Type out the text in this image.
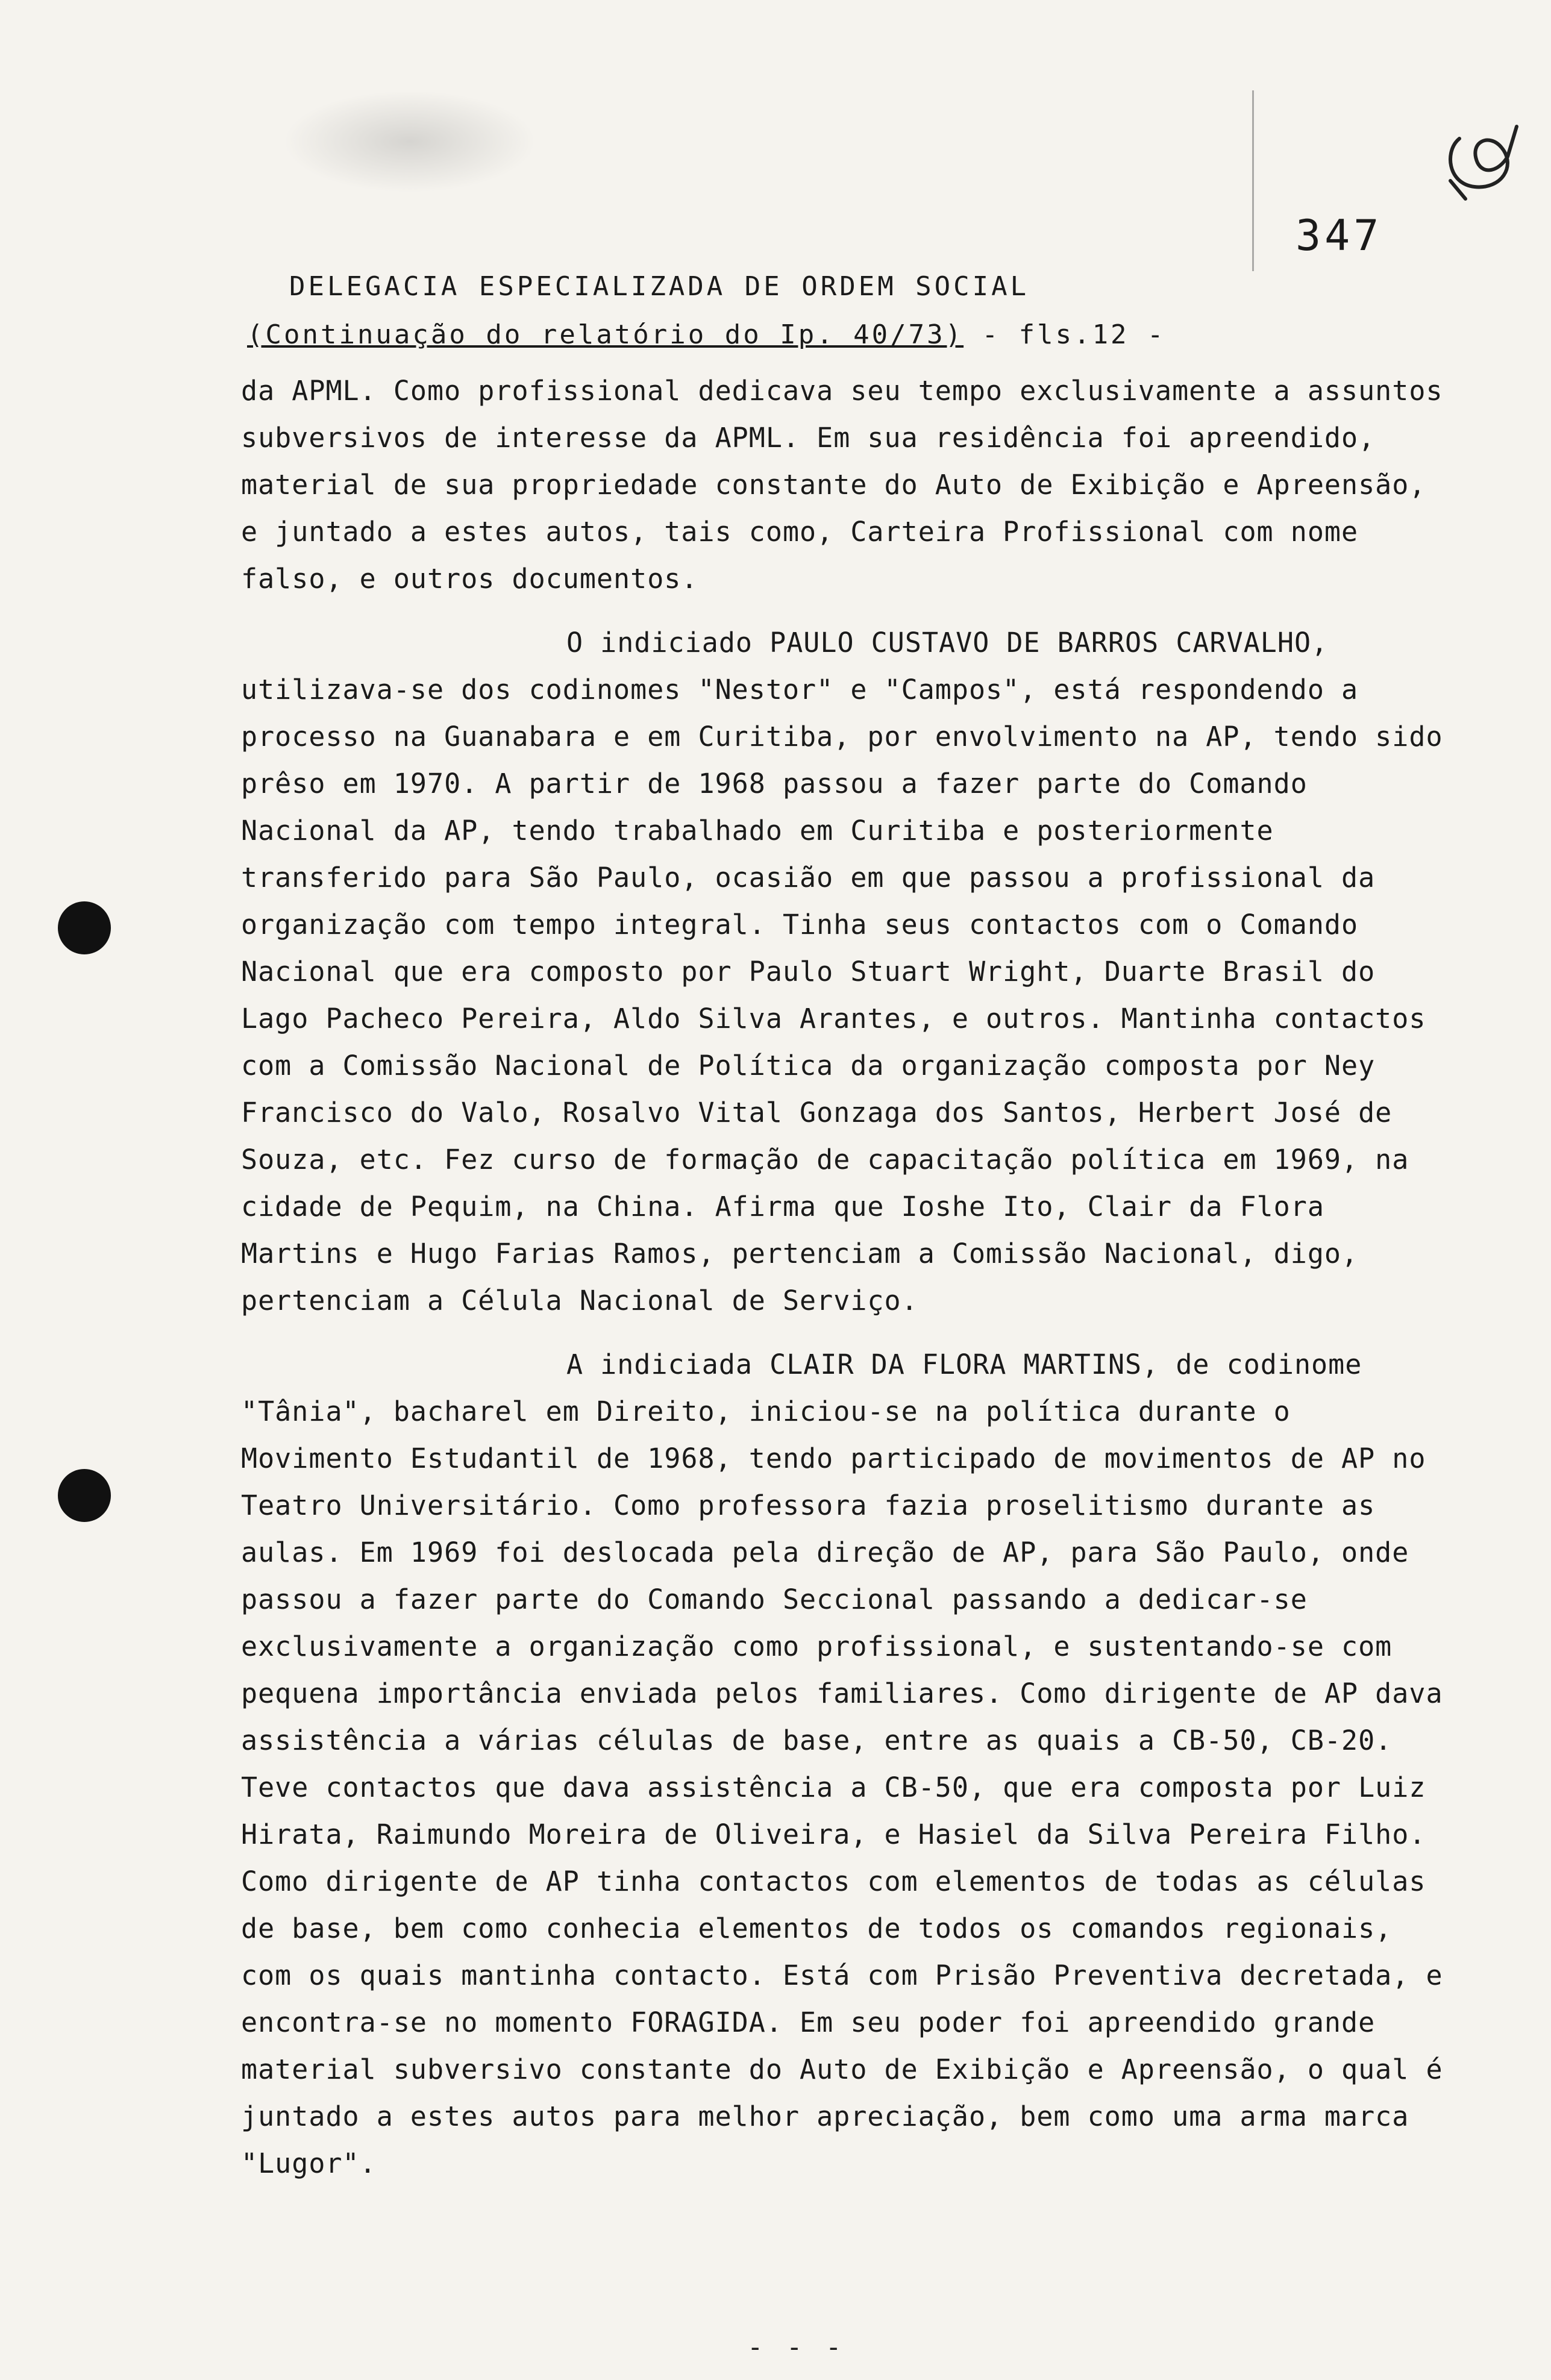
347
DELEGACIA ESPECIALIZADA DE ORDEM SOCIAL
(Continuação do relatório do Ip. 40/73) - fls.12 -

da APML. Como profissional dedicava seu tempo exclusivamente a assuntos subversivos de interesse da APML. Em sua residência foi apreendido, material de sua propriedade constante do Auto de Exibição e Apreensão, e juntado a estes autos, tais como, Carteira Profissional com nome falso, e outros documentos.

O indiciado PAULO CUSTAVO DE BARROS CARVALHO, utilizava-se dos codinomes "Nestor" e "Campos", está respondendo a processo na Guanabara e em Curitiba, por envolvimento na AP, tendo sido prêso em 1970. A partir de 1968 passou a fazer parte do Comando Nacional da AP, tendo trabalhado em Curitiba e posteriormente transferido para São Paulo, ocasião em que passou a profissional da organização com tempo integral. Tinha seus contactos com o Comando Nacional que era composto por Paulo Stuart Wright, Duarte Brasil do Lago Pacheco Pereira, Aldo Silva Arantes, e outros. Mantinha contactos com a Comissão Nacional de Política da organização composta por Ney Francisco do Valo, Rosalvo Vital Gonzaga dos Santos, Herbert José de Souza, etc. Fez curso de formação de capacitação política em 1969, na cidade de Pequim, na China. Afirma que Ioshe Ito, Clair da Flora Martins e Hugo Farias Ramos, pertenciam a Comissão Nacional, digo, pertenciam a Célula Nacional de Serviço.

A indiciada CLAIR DA FLORA MARTINS, de codinome "Tânia", bacharel em Direito, iniciou-se na política durante o Movimento Estudantil de 1968, tendo participado de movimentos de AP no Teatro Universitário. Como professora fazia proselitismo durante as aulas. Em 1969 foi deslocada pela direção de AP, para São Paulo, onde passou a fazer parte do Comando Seccional passando a dedicar-se exclusivamente a organização como profissional, e sustentando-se com pequena importância enviada pelos familiares. Como dirigente de AP dava assistência a várias células de base, entre as quais a CB-50, CB-20. Teve contactos que dava assistência a CB-50, que era composta por Luiz Hirata, Raimundo Moreira de Oliveira, e Hasiel da Silva Pereira Filho. Como dirigente de AP tinha contactos com elementos de todas as células de base, bem como conhecia elementos de todos os comandos regionais, com os quais mantinha contacto. Está com Prisão Preventiva decretada, e encontra-se no momento FORAGIDA. Em seu poder foi apreendido grande material subversivo constante do Auto de Exibição e Apreensão, o qual é juntado a estes autos para melhor apreciação, bem como uma arma marca "Lugor".

- - -
